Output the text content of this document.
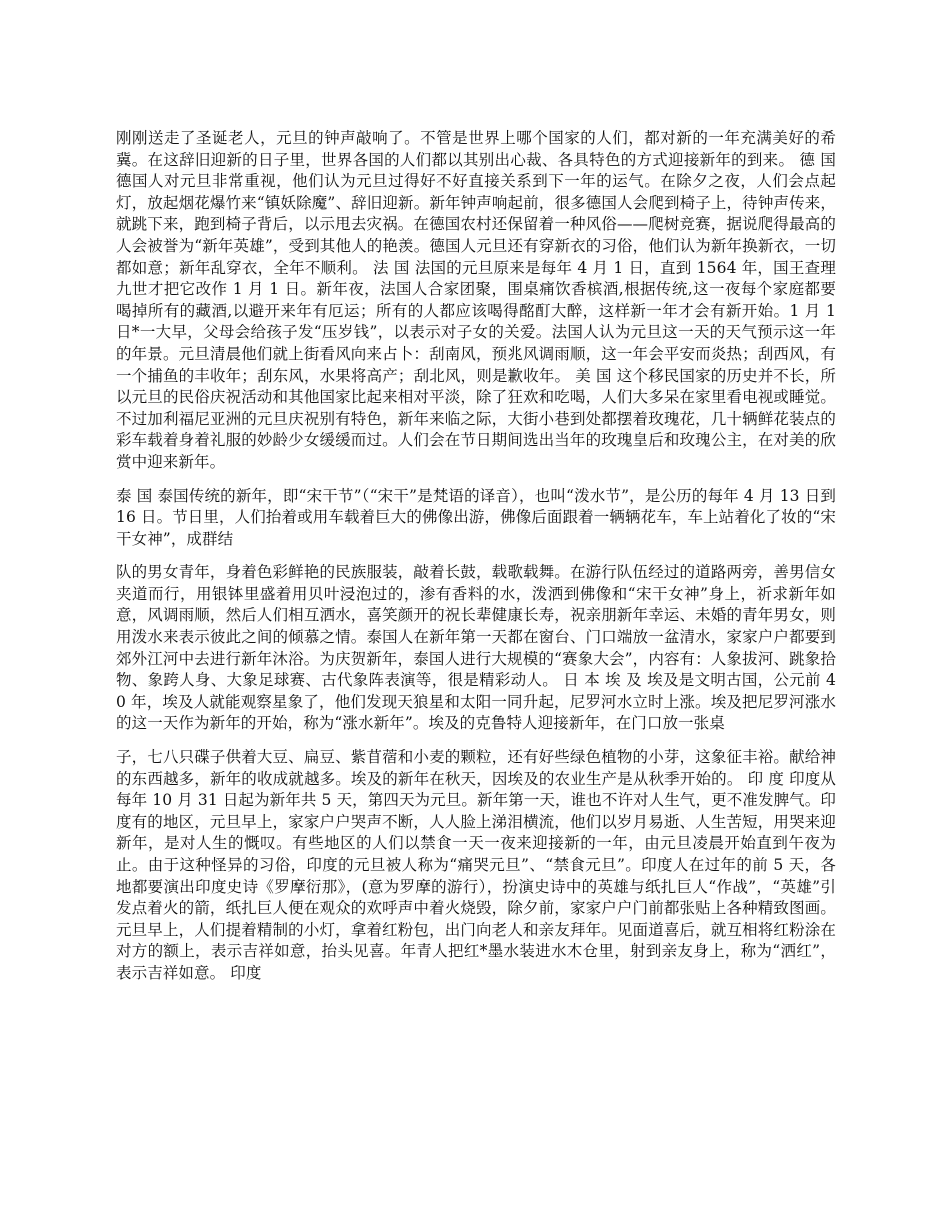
刚刚送走了圣诞老人，元旦的钟声敲响了。不管是世界上哪个国家的人们，都对新的一年充满美好的希冀。在这辞旧迎新的日子里，世界各国的人们都以其别出心裁、各具特色的方式迎接新年的到来。 德 国 德国人对元旦非常重视，他们认为元旦过得好不好直接关系到下一年的运气。在除夕之夜，人们会点起灯，放起烟花爆竹来“镇妖除魔”、辞旧迎新。新年钟声响起前，很多德国人会爬到椅子上，待钟声传来，就跳下来，跑到椅子背后，以示甩去灾祸。在德国农村还保留着一种风俗——爬树竞赛，据说爬得最高的人会被誉为“新年英雄”，受到其他人的艳羡。德国人元旦还有穿新衣的习俗，他们认为新年换新衣，一切都如意；新年乱穿衣，全年不顺利。 法 国 法国的元旦原来是每年 4 月 1 日，直到 1564 年，国王查理九世才把它改作 1 月 1 日。新年夜，法国人合家团聚，围桌痛饮香槟酒,根据传统,这一夜每个家庭都要喝掉所有的藏酒,以避开来年有厄运；所有的人都应该喝得酩酊大醉，这样新一年才会有新开始。1 月 1 日*一大早，父母会给孩子发“压岁钱”，以表示对子女的关爱。法国人认为元旦这一天的天气预示这一年的年景。元旦清晨他们就上街看风向来占卜：刮南风，预兆风调雨顺，这一年会平安而炎热；刮西风，有一个捕鱼的丰收年；刮东风，水果将高产；刮北风，则是歉收年。 美 国 这个移民国家的历史并不长，所以元旦的民俗庆祝活动和其他国家比起来相对平淡，除了狂欢和吃喝，人们大多呆在家里看电视或睡觉。不过加利福尼亚洲的元旦庆祝别有特色，新年来临之际，大街小巷到处都摆着玫瑰花，几十辆鲜花装点的彩车载着身着礼服的妙龄少女缓缓而过。人们会在节日期间选出当年的玫瑰皇后和玫瑰公主，在对美的欣赏中迎来新年。

泰 国 泰国传统的新年，即“宋干节”（“宋干”是梵语的译音），也叫“泼水节”，是公历的每年 4 月 13 日到 16 日。节日里，人们抬着或用车载着巨大的佛像出游，佛像后面跟着一辆辆花车，车上站着化了妆的“宋干女神”，成群结

队的男女青年，身着色彩鲜艳的民族服装，敲着长鼓，载歌载舞。在游行队伍经过的道路两旁，善男信女夹道而行，用银钵里盛着用贝叶浸泡过的，渗有香料的水，泼洒到佛像和“宋干女神”身上，祈求新年如意，风调雨顺，然后人们相互洒水，喜笑颜开的祝长辈健康长寿，祝亲朋新年幸运、未婚的青年男女，则用泼水来表示彼此之间的倾慕之情。泰国人在新年第一天都在窗台、门口端放一盆清水，家家户户都要到郊外江河中去进行新年沐浴。为庆贺新年，泰国人进行大规模的“赛象大会”，内容有：人象拔河、跳象拾物、象跨人身、大象足球赛、古代象阵表演等，很是精彩动人。 日 本 埃 及 埃及是文明古国，公元前 40 年，埃及人就能观察星象了，他们发现天狼星和太阳一同升起，尼罗河水立时上涨。埃及把尼罗河涨水的这一天作为新年的开始，称为“涨水新年”。埃及的克鲁特人迎接新年，在门口放一张桌

子，七八只碟子供着大豆、扁豆、紫苜蓿和小麦的颗粒，还有好些绿色植物的小芽，这象征丰裕。献给神的东西越多，新年的收成就越多。埃及的新年在秋天，因埃及的农业生产是从秋季开始的。 印 度 印度从每年 10 月 31 日起为新年共 5 天，第四天为元旦。新年第一天，谁也不许对人生气，更不准发脾气。印度有的地区，元旦早上，家家户户哭声不断，人人脸上涕泪横流，他们以岁月易逝、人生苦短，用哭来迎新年，是对人生的慨叹。有些地区的人们以禁食一天一夜来迎接新的一年，由元旦凌晨开始直到午夜为止。由于这种怪异的习俗，印度的元旦被人称为“痛哭元旦”、“禁食元旦”。印度人在过年的前 5 天，各地都要演出印度史诗《罗摩衍那》，(意为罗摩的游行），扮演史诗中的英雄与纸扎巨人“作战”，“英雄”引发点着火的箭，纸扎巨人便在观众的欢呼声中着火烧毁，除夕前，家家户户门前都张贴上各种精致图画。元旦早上，人们提着精制的小灯，拿着红粉包，出门向老人和亲友拜年。见面道喜后，就互相将红粉涂在对方的额上，表示吉祥如意，抬头见喜。年青人把红*墨水装进水木仓里，射到亲友身上，称为“洒红”，表示吉祥如意。 印度
